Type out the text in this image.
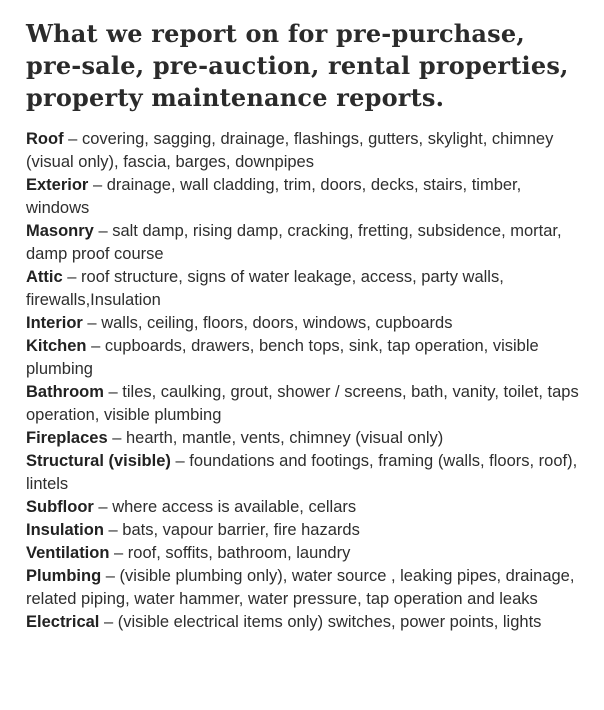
What we report on for pre-purchase, pre-sale, pre-auction, rental properties, property maintenance reports.
Roof – covering, sagging, drainage, flashings, gutters, skylight, chimney (visual only), fascia, barges, downpipes
Exterior – drainage, wall cladding, trim, doors, decks, stairs, timber, windows
Masonry – salt damp, rising damp, cracking, fretting, subsidence, mortar, damp proof course
Attic – roof structure, signs of water leakage, access, party walls, firewalls,Insulation
Interior – walls, ceiling, floors, doors, windows, cupboards
Kitchen – cupboards, drawers, bench tops, sink, tap operation, visible plumbing
Bathroom – tiles, caulking, grout, shower / screens, bath, vanity, toilet, taps operation, visible plumbing
Fireplaces – hearth, mantle, vents, chimney (visual only)
Structural (visible) – foundations and footings, framing (walls, floors, roof), lintels
Subfloor – where access is available, cellars
Insulation – bats, vapour barrier, fire hazards
Ventilation – roof, soffits, bathroom, laundry
Plumbing – (visible plumbing only), water source , leaking pipes, drainage, related piping, water hammer, water pressure, tap operation and leaks
Electrical – (visible electrical items only) switches, power points, lights
